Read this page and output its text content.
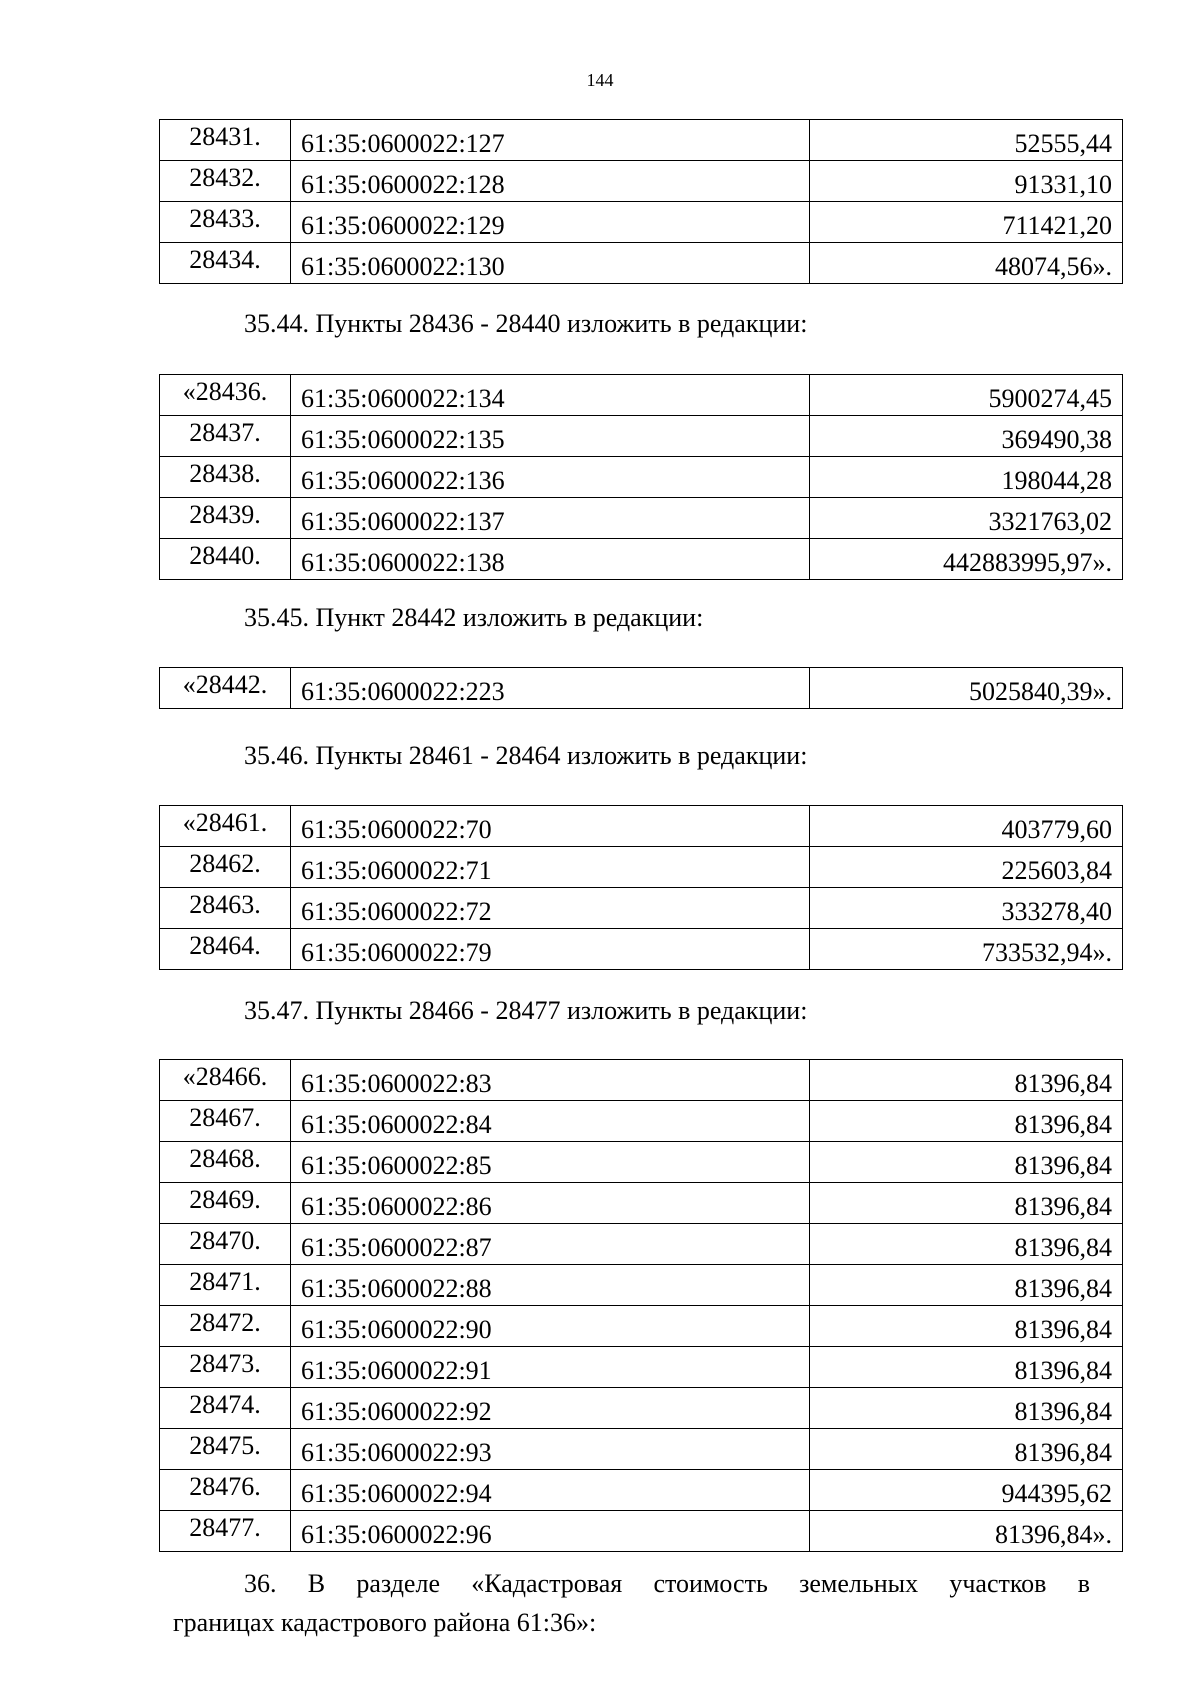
144
28431.	61:35:0600022:127	52555,44
28432.	61:35:0600022:128	91331,10
28433.	61:35:0600022:129	711421,20
28434.	61:35:0600022:130	48074,56».
35.44. Пункты 28436 - 28440 изложить в редакции:
«28436.	61:35:0600022:134	5900274,45
28437.	61:35:0600022:135	369490,38
28438.	61:35:0600022:136	198044,28
28439.	61:35:0600022:137	3321763,02
28440.	61:35:0600022:138	442883995,97».
35.45. Пункт 28442 изложить в редакции:
«28442.	61:35:0600022:223	5025840,39».
35.46. Пункты 28461 - 28464 изложить в редакции:
«28461.	61:35:0600022:70	403779,60
28462.	61:35:0600022:71	225603,84
28463.	61:35:0600022:72	333278,40
28464.	61:35:0600022:79	733532,94».
35.47. Пункты 28466 - 28477 изложить в редакции:
«28466.	61:35:0600022:83	81396,84
28467.	61:35:0600022:84	81396,84
28468.	61:35:0600022:85	81396,84
28469.	61:35:0600022:86	81396,84
28470.	61:35:0600022:87	81396,84
28471.	61:35:0600022:88	81396,84
28472.	61:35:0600022:90	81396,84
28473.	61:35:0600022:91	81396,84
28474.	61:35:0600022:92	81396,84
28475.	61:35:0600022:93	81396,84
28476.	61:35:0600022:94	944395,62
28477.	61:35:0600022:96	81396,84».
36. В разделе «Кадастровая стоимость земельных участков в
границах кадастрового района 61:36»:
